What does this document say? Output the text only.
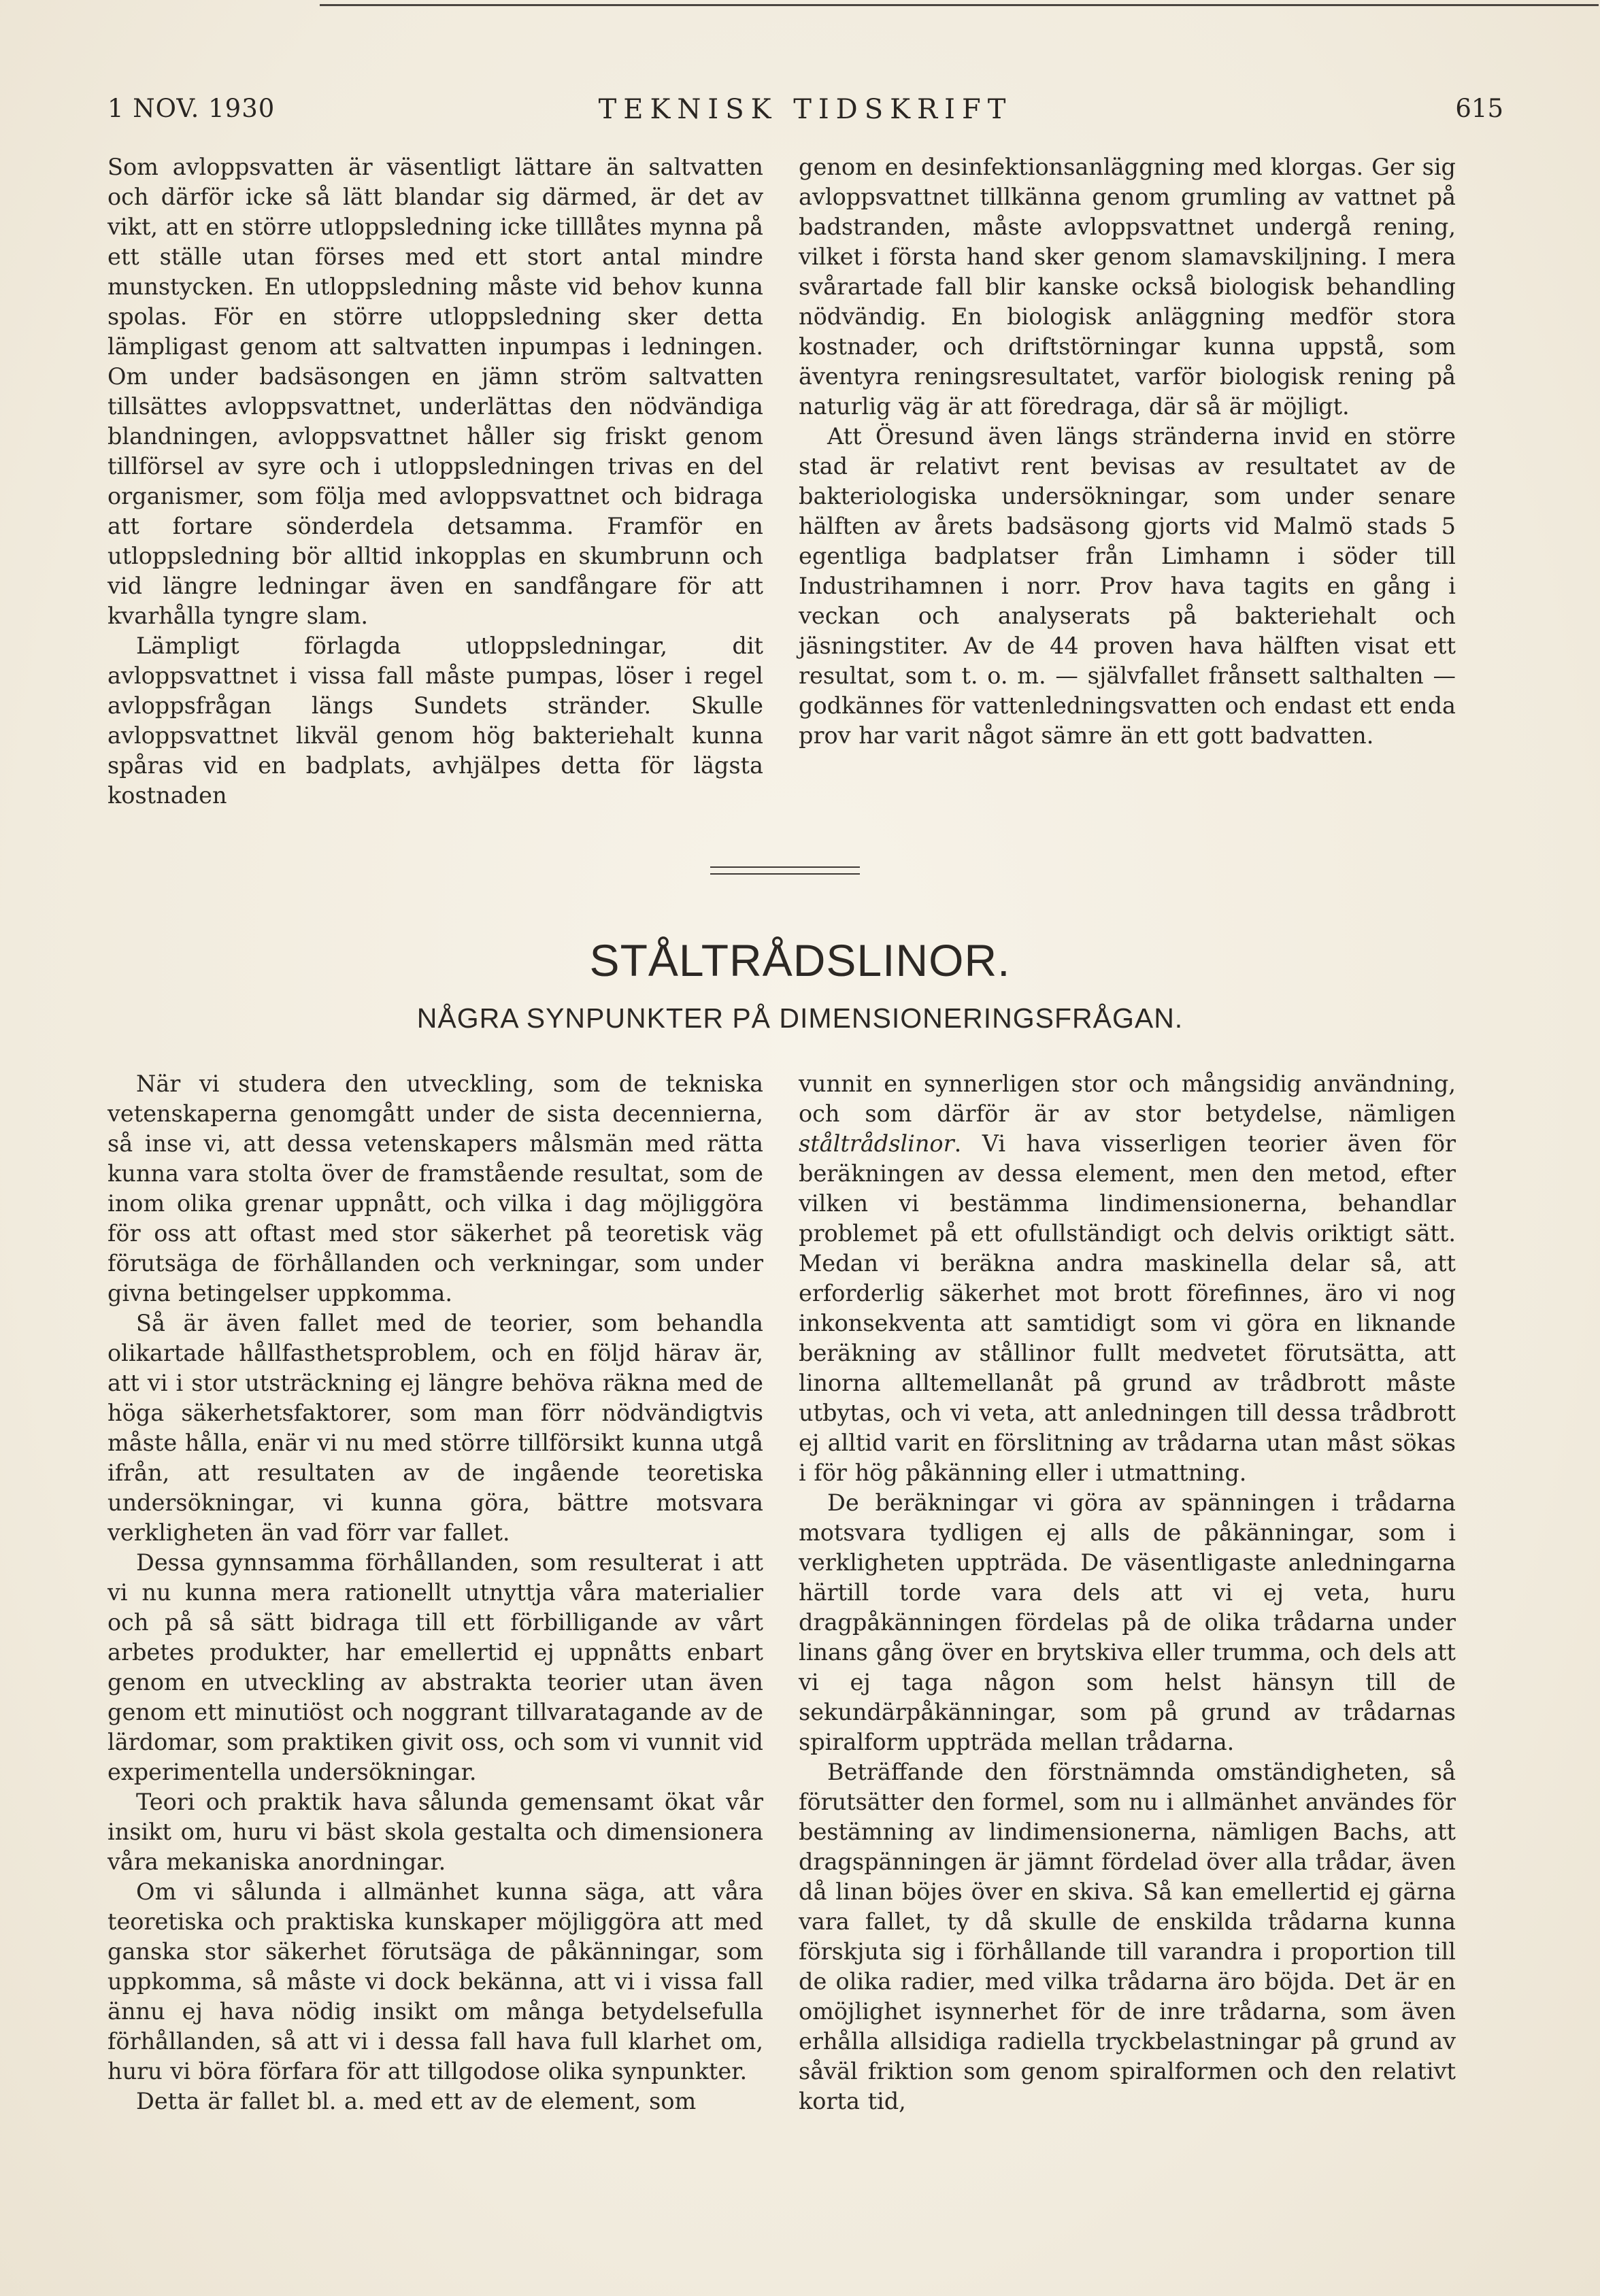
1 NOV. 1930	TEKNISK TIDSKRIFT	615

Som avloppsvatten är väsentligt lättare än saltvatten och därför icke så lätt blandar sig därmed, är det av vikt, att en större utloppsledning icke tilllåtes mynna på ett ställe utan förses med ett stort antal mindre munstycken. En utloppsledning måste vid behov kunna spolas. För en större utloppsledning sker detta lämpligast genom att saltvatten inpumpas i ledningen. Om under badsäsongen en jämn ström saltvatten tillsättes avloppsvattnet, underlättas den nödvändiga blandningen, avloppsvattnet håller sig friskt genom tillförsel av syre och i utloppsledningen trivas en del organismer, som följa med avloppsvattnet och bidraga att fortare sönderdela detsamma. Framför en utloppsledning bör alltid inkopplas en skumbrunn och vid längre ledningar även en sandfångare för att kvarhålla tyngre slam.

Lämpligt förlagda utloppsledningar, dit avloppsvattnet i vissa fall måste pumpas, löser i regel avloppsfrågan längs Sundets stränder. Skulle avloppsvattnet likväl genom hög bakteriehalt kunna spåras vid en badplats, avhjälpes detta för lägsta kostnaden

genom en desinfektionsanläggning med klorgas. Ger sig avloppsvattnet tillkänna genom grumling av vattnet på badstranden, måste avloppsvattnet undergå rening, vilket i första hand sker genom slamavskiljning. I mera svårartade fall blir kanske också biologisk behandling nödvändig. En biologisk anläggning medför stora kostnader, och driftstörningar kunna uppstå, som äventyra reningsresultatet, varför biologisk rening på naturlig väg är att föredraga, där så är möjligt.

Att Öresund även längs stränderna invid en större stad är relativt rent bevisas av resultatet av de bakteriologiska undersökningar, som under senare hälften av årets badsäsong gjorts vid Malmö stads 5 egentliga badplatser från Limhamn i söder till Industrihamnen i norr. Prov hava tagits en gång i veckan och analyserats på bakteriehalt och jäsningstiter. Av de 44 proven hava hälften visat ett resultat, som t. o. m. — självfallet frånsett salthalten — godkännes för vattenledningsvatten och endast ett enda prov har varit något sämre än ett gott badvatten.

STÅLTRÅDSLINOR.
NÅGRA SYNPUNKTER PÅ DIMENSIONERINGSFRÅGAN.

När vi studera den utveckling, som de tekniska vetenskaperna genomgått under de sista decennierna, så inse vi, att dessa vetenskapers målsmän med rätta kunna vara stolta över de framstående resultat, som de inom olika grenar uppnått, och vilka i dag möjliggöra för oss att oftast med stor säkerhet på teoretisk väg förutsäga de förhållanden och verkningar, som under givna betingelser uppkomma.

Så är även fallet med de teorier, som behandla olikartade hållfasthetsproblem, och en följd härav är, att vi i stor utsträckning ej längre behöva räkna med de höga säkerhetsfaktorer, som man förr nödvändigtvis måste hålla, enär vi nu med större tillförsikt kunna utgå ifrån, att resultaten av de ingående teoretiska undersökningar, vi kunna göra, bättre motsvara verkligheten än vad förr var fallet.

Dessa gynnsamma förhållanden, som resulterat i att vi nu kunna mera rationellt utnyttja våra materialier och på så sätt bidraga till ett förbilligande av vårt arbetes produkter, har emellertid ej uppnåtts enbart genom en utveckling av abstrakta teorier utan även genom ett minutiöst och noggrant tillvaratagande av de lärdomar, som praktiken givit oss, och som vi vunnit vid experimentella undersökningar.

Teori och praktik hava sålunda gemensamt ökat vår insikt om, huru vi bäst skola gestalta och dimensionera våra mekaniska anordningar.

Om vi sålunda i allmänhet kunna säga, att våra teoretiska och praktiska kunskaper möjliggöra att med ganska stor säkerhet förutsäga de påkänningar, som uppkomma, så måste vi dock bekänna, att vi i vissa fall ännu ej hava nödig insikt om många betydelsefulla förhållanden, så att vi i dessa fall hava full klarhet om, huru vi böra förfara för att tillgodose olika synpunkter.

Detta är fallet bl. a. med ett av de element, som

vunnit en synnerligen stor och mångsidig användning, och som därför är av stor betydelse, nämligen ståltrådslinor. Vi hava visserligen teorier även för beräkningen av dessa element, men den metod, efter vilken vi bestämma lindimensionerna, behandlar problemet på ett ofullständigt och delvis oriktigt sätt. Medan vi beräkna andra maskinella delar så, att erforderlig säkerhet mot brott förefinnes, äro vi nog inkonsekventa att samtidigt som vi göra en liknande beräkning av stållinor fullt medvetet förutsätta, att linorna alltemellanåt på grund av trådbrott måste utbytas, och vi veta, att anledningen till dessa trådbrott ej alltid varit en förslitning av trådarna utan måst sökas i för hög påkänning eller i utmattning.

De beräkningar vi göra av spänningen i trådarna motsvara tydligen ej alls de påkänningar, som i verkligheten uppträda. De väsentligaste anledningarna härtill torde vara dels att vi ej veta, huru dragpåkänningen fördelas på de olika trådarna under linans gång över en brytskiva eller trumma, och dels att vi ej taga någon som helst hänsyn till de sekundärpåkänningar, som på grund av trådarnas spiralform uppträda mellan trådarna.

Beträffande den förstnämnda omständigheten, så förutsätter den formel, som nu i allmänhet användes för bestämning av lindimensionerna, nämligen Bachs, att dragspänningen är jämnt fördelad över alla trådar, även då linan böjes över en skiva. Så kan emellertid ej gärna vara fallet, ty då skulle de enskilda trådarna kunna förskjuta sig i förhållande till varandra i proportion till de olika radier, med vilka trådarna äro böjda. Det är en omöjlighet isynnerhet för de inre trådarna, som även erhålla allsidiga radiella tryckbelastningar på grund av såväl friktion som genom spiralformen och den relativt korta tid,
